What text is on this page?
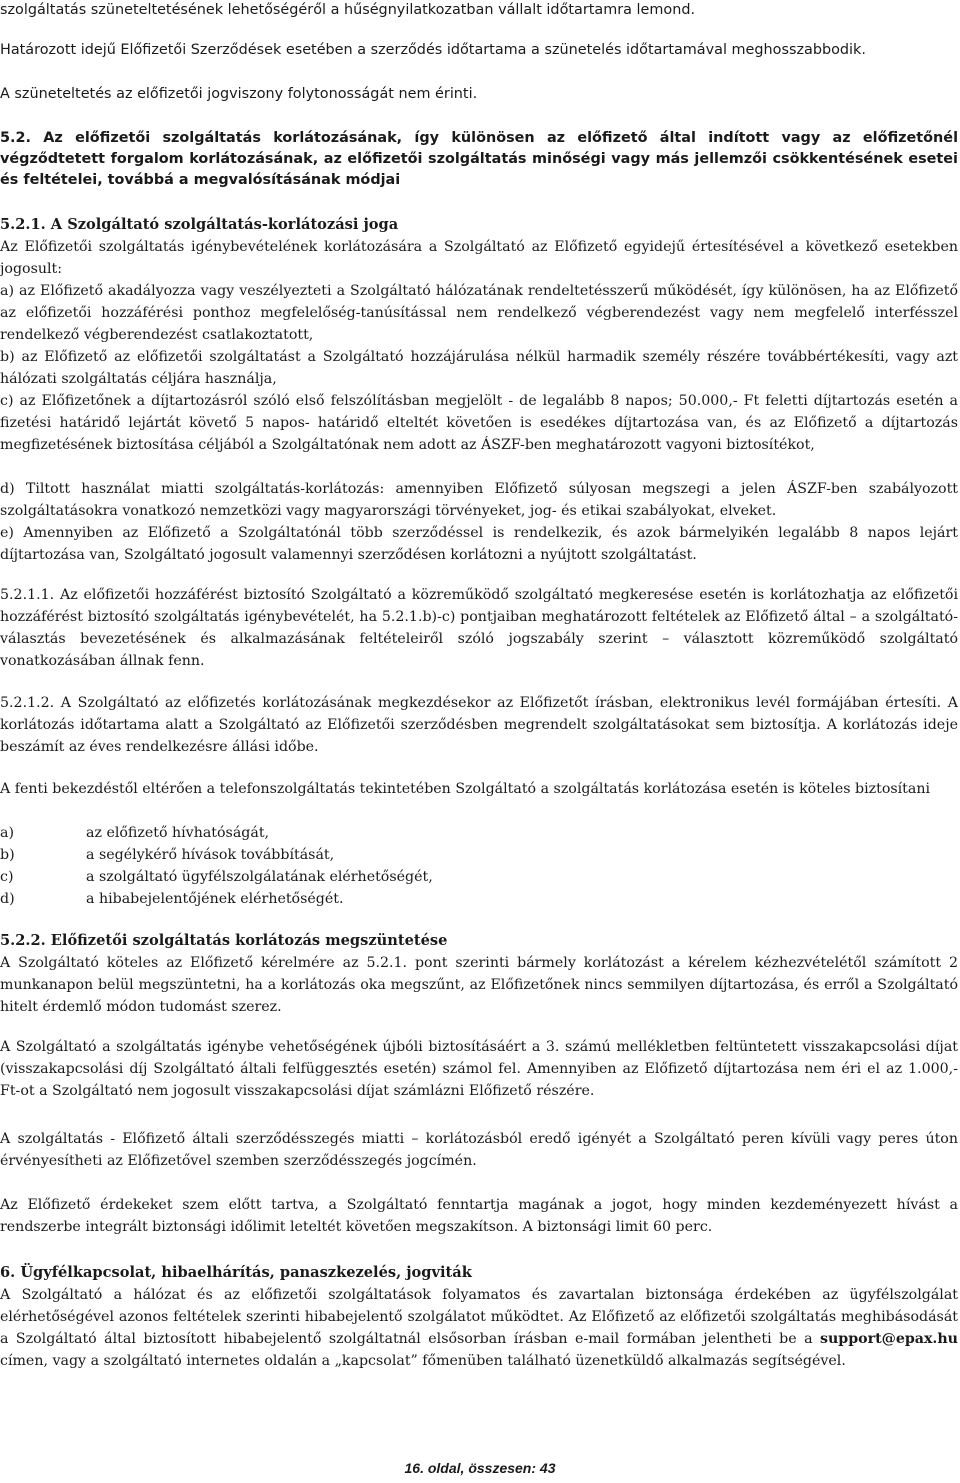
szolgáltatás szüneteltetésének lehetőségéről a hűségnyilatkozatban vállalt időtartamra lemond.
Határozott idejű Előfizetői Szerződések esetében a szerződés időtartama a szünetelés időtartamával meghosszabbodik.
A szüneteltetés az előfizetői jogviszony folytonosságát nem érinti.
5.2. Az előfizetői szolgáltatás korlátozásának, így különösen az előfizető által indított vagy az előfizetőnél végződtetett forgalom korlátozásának, az előfizetői szolgáltatás minőségi vagy más jellemzői csökkentésének esetei és feltételei, továbbá a megvalósításának módjai
5.2.1. A Szolgáltató szolgáltatás-korlátozási joga
Az Előfizetői szolgáltatás igénybevételének korlátozására a Szolgáltató az Előfizető egyidejű értesítésével a következő esetekben jogosult:
a) az Előfizető akadályozza vagy veszélyezteti a Szolgáltató hálózatának rendeltetésszerű működését, így különösen, ha az Előfizető az előfizetői hozzáférési ponthoz megfelelőség-tanúsítással nem rendelkező végberendezést vagy nem megfelelő interfésszel rendelkező végberendezést csatlakoztatott,
b) az Előfizető az előfizetői szolgáltatást a Szolgáltató hozzájárulása nélkül harmadik személy részére továbbértékesíti, vagy azt hálózati szolgáltatás céljára használja,
c) az Előfizetőnek a díjtartozásról szóló első felszólításban megjelölt - de legalább 8 napos; 50.000,- Ft feletti díjtartozás esetén a fizetési határidő lejártát követő 5 napos- határidő elteltét követően is esedékes díjtartozása van, és az Előfizető a díjtartozás megfizetésének biztosítása céljából a Szolgáltatónak nem adott az ÁSZF-ben meghatározott vagyoni biztosítékot,
d) Tiltott használat miatti szolgáltatás-korlátozás: amennyiben Előfizető súlyosan megszegi a jelen ÁSZF-ben szabályozott szolgáltatásokra vonatkozó nemzetközi vagy magyarországi törvényeket, jog- és etikai szabályokat, elveket.
e) Amennyiben az Előfizető a Szolgáltatónál több szerződéssel is rendelkezik, és azok bármelyikén legalább 8 napos lejárt díjtartozása van, Szolgáltató jogosult valamennyi szerződésen korlátozni a nyújtott szolgáltatást.
5.2.1.1. Az előfizetői hozzáférést biztosító Szolgáltató a közreműködő szolgáltató megkeresése esetén is korlátozhatja az előfizetői hozzáférést biztosító szolgáltatás igénybevételét, ha 5.2.1.b)-c) pontjaiban meghatározott feltételek az Előfizető által – a szolgáltató-választás bevezetésének és alkalmazásának feltételeiről szóló jogszabály szerint – választott közreműködő szolgáltató vonatkozásában állnak fenn.
5.2.1.2. A Szolgáltató az előfizetés korlátozásának megkezdésekor az Előfizetőt írásban, elektronikus levél formájában értesíti. A korlátozás időtartama alatt a Szolgáltató az Előfizetői szerződésben megrendelt szolgáltatásokat sem biztosítja. A korlátozás ideje beszámít az éves rendelkezésre állási időbe.
A fenti bekezdéstől eltérően a telefonszolgáltatás tekintetében Szolgáltató a szolgáltatás korlátozása esetén is köteles biztosítani
a)	az előfizető hívhatóságát,
b)	a segélykérő hívások továbbítását,
c)	a szolgáltató ügyfélszolgálatának elérhetőségét,
d)	a hibabejelentőjének elérhetőségét.
5.2.2. Előfizetői szolgáltatás korlátozás megszüntetése
A Szolgáltató köteles az Előfizető kérelmére az 5.2.1. pont szerinti bármely korlátozást a kérelem kézhezvételétől számított 2 munkanapon belül megszüntetni, ha a korlátozás oka megszűnt, az Előfizetőnek nincs semmilyen díjtartozása, és erről a Szolgáltató hitelt érdemlő módon tudomást szerez.
A Szolgáltató a szolgáltatás igénybe vehetőségének újbóli biztosításáért a 3. számú mellékletben feltüntetett visszakapcsolási díjat (visszakapcsolási díj Szolgáltató általi felfüggesztés esetén) számol fel. Amennyiben az Előfizető díjtartozása nem éri el az 1.000,- Ft-ot a Szolgáltató nem jogosult visszakapcsolási díjat számlázni Előfizető részére.
A szolgáltatás - Előfizető általi szerződésszegés miatti – korlátozásból eredő igényét a Szolgáltató peren kívüli vagy peres úton érvényesítheti az Előfizetővel szemben szerződésszegés jogcímén.
Az Előfizető érdekeket szem előtt tartva, a Szolgáltató fenntartja magának a jogot, hogy minden kezdeményezett hívást a rendszerbe integrált biztonsági időlimit leteltét követően megszakítson. A biztonsági limit 60 perc.
6. Ügyfélkapcsolat, hibaelhárítás, panaszkezelés, jogviták
A Szolgáltató a hálózat és az előfizetői szolgáltatások folyamatos és zavartalan biztonsága érdekében az ügyfélszolgálat elérhetőségével azonos feltételek szerinti hibabejelentő szolgálatot működtet. Az Előfizető az előfizetői szolgáltatás meghibásodását a Szolgáltató által biztosított hibabejelentő szolgáltatnál elsősorban írásban e-mail formában jelentheti be a support@epax.hu címen, vagy a szolgáltató internetes oldalán a „kapcsolat” főmenüben található üzenetküldő alkalmazás segítségével.
16. oldal, összesen: 43
